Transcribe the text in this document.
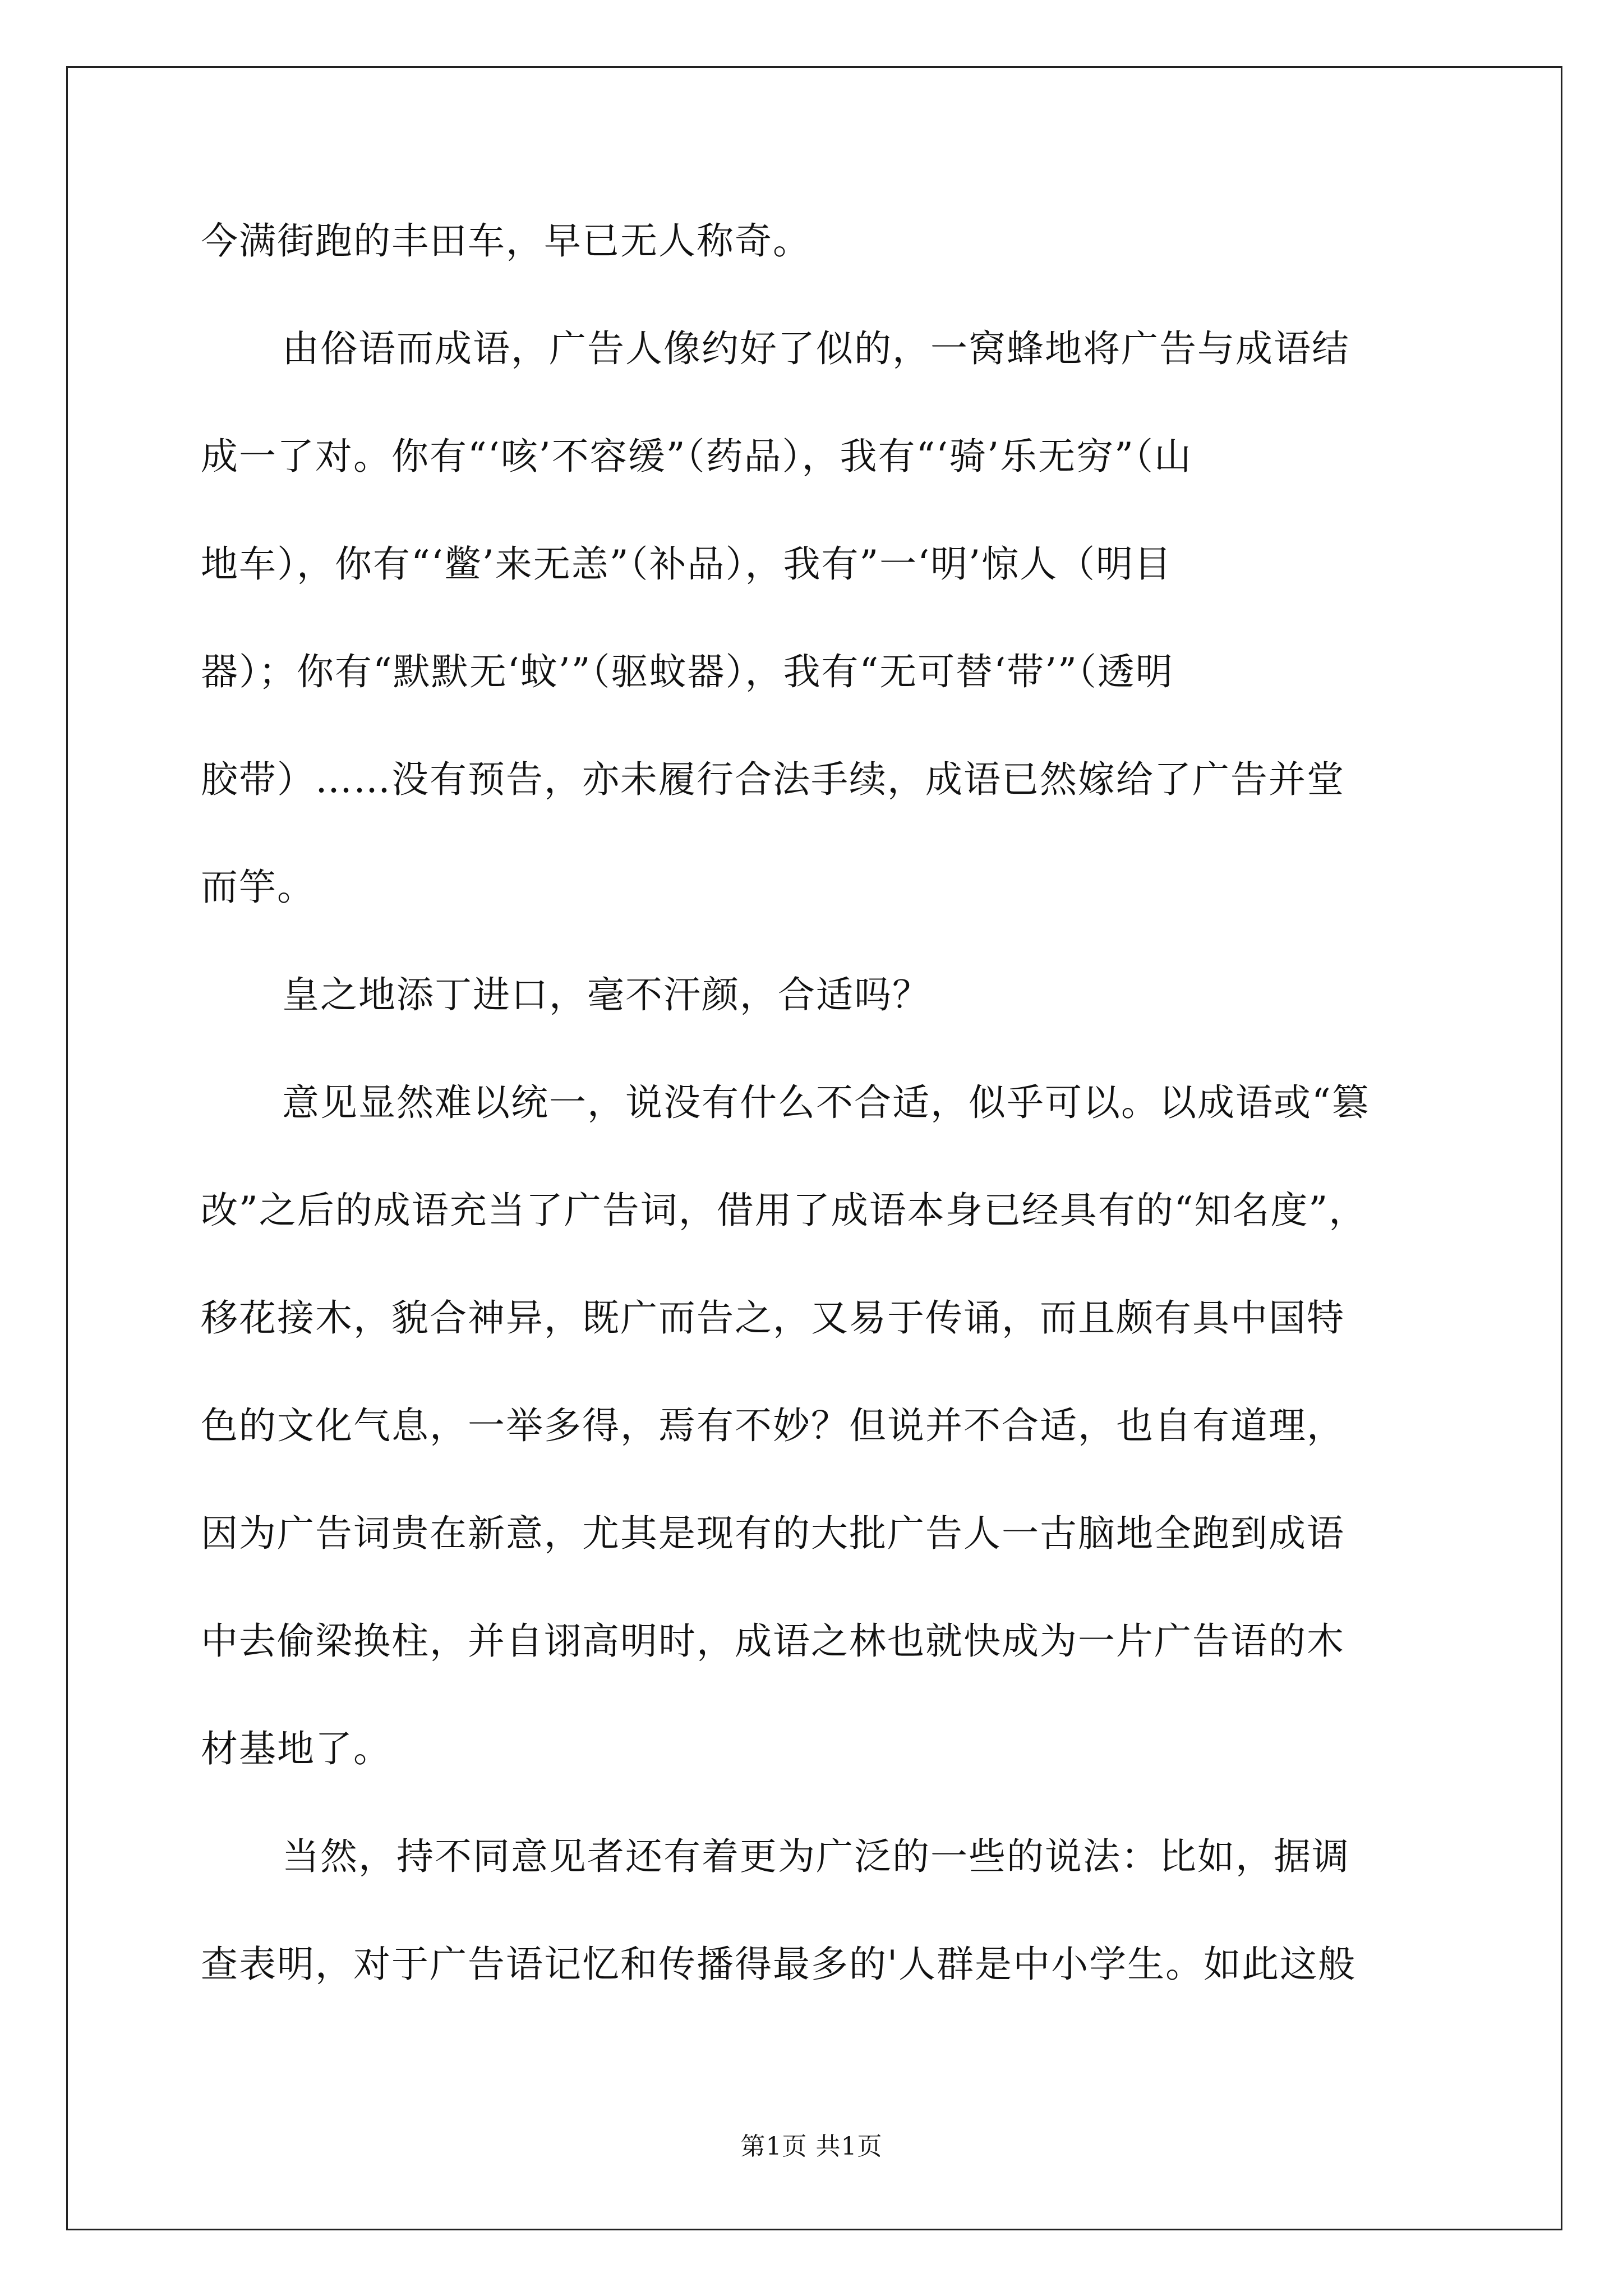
今满街跑的丰田车，早已无人称奇。
由俗语而成语，广告人像约好了似的，一窝蜂地将广告与成语结
成一了对。你有“‘咳’不容缓”（药品），我有“‘骑’乐无穷”（山
地车），你有“‘鳖’来无恙”（补品），我有”一‘明’惊人（明目
器）；你有“默默无‘蚊’”（驱蚊器），我有“无可替‘带’”（透明
胶带）……没有预告，亦未履行合法手续，成语已然嫁给了广告并堂
而竽。
皇之地添丁进口，毫不汗颜，合适吗？
意见显然难以统一，说没有什么不合适，似乎可以。以成语或“篡
改”之后的成语充当了广告词，借用了成语本身已经具有的“知名度”，
移花接木，貌合神异，既广而告之，又易于传诵，而且颇有具中国特
色的文化气息，一举多得，焉有不妙？但说并不合适，也自有道理，
因为广告词贵在新意，尤其是现有的大批广告人一古脑地全跑到成语
中去偷梁换柱，并自诩高明时，成语之林也就快成为一片广告语的木
材基地了。
当然，持不同意见者还有着更为广泛的一些的说法：比如，据调
查表明，对于广告语记忆和传播得最多的'人群是中小学生。如此这般
第1页 共1页
